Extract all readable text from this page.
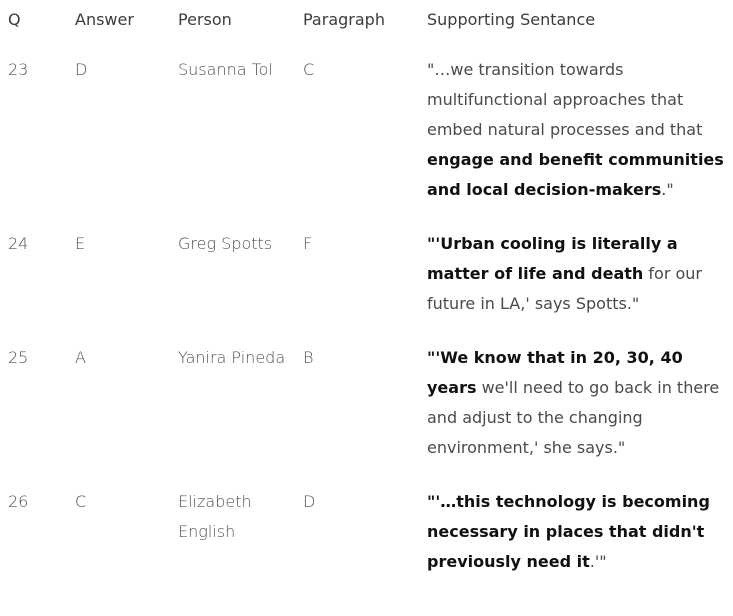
Q	Answer	Person	Paragraph	Supporting Sentance
23	D	Susanna Tol	C	"…we transition towards multifunctional approaches that embed natural processes and that engage and benefit communities and local decision-makers."
24	E	Greg Spotts	F	"'Urban cooling is literally a matter of life and death for our future in LA,' says Spotts."
25	A	Yanira Pineda	B	"'We know that in 20, 30, 40 years we'll need to go back in there and adjust to the changing environment,' she says."
26	C	Elizabeth English	D	"'…this technology is becoming necessary in places that didn't previously need it.'"
